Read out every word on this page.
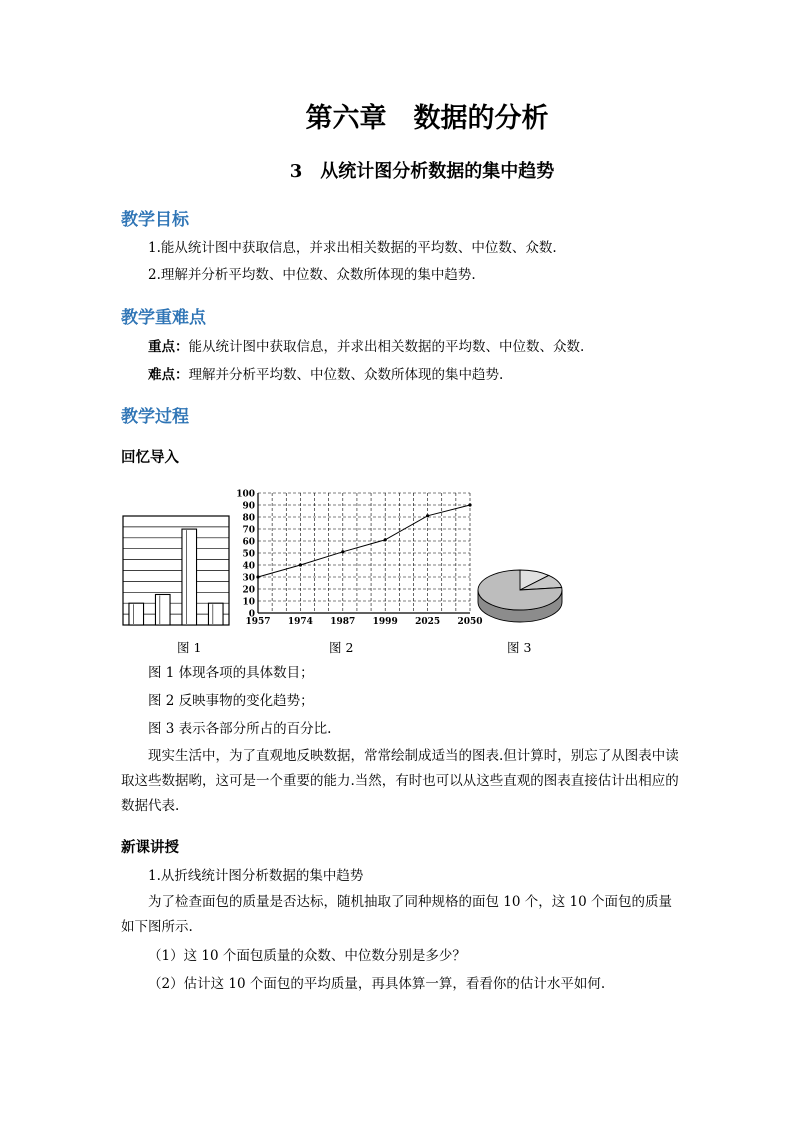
第六章　数据的分析
3　从统计图分析数据的集中趋势
教学目标
1.能从统计图中获取信息，并求出相关数据的平均数、中位数、众数.
2.理解并分析平均数、中位数、众数所体现的集中趋势.
教学重难点
重点：能从统计图中获取信息，并求出相关数据的平均数、中位数、众数.
难点：理解并分析平均数、中位数、众数所体现的集中趋势.
教学过程
回忆导入
0
10
20
30
40
50
60
70
80
90
100
1957 1974 1987 1999 2025 2050
图 1	图 2	图 3
图 1 体现各项的具体数目；
图 2 反映事物的变化趋势；
图 3 表示各部分所占的百分比.
现实生活中，为了直观地反映数据，常常绘制成适当的图表.但计算时，别忘了从图表中读取这些数据哟，这可是一个重要的能力.当然，有时也可以从这些直观的图表直接估计出相应的数据代表.
新课讲授
1.从折线统计图分析数据的集中趋势
为了检查面包的质量是否达标，随机抽取了同种规格的面包 10 个，这 10 个面包的质量如下图所示.
（1）这 10 个面包质量的众数、中位数分别是多少？
（2）估计这 10 个面包的平均质量，再具体算一算，看看你的估计水平如何.
